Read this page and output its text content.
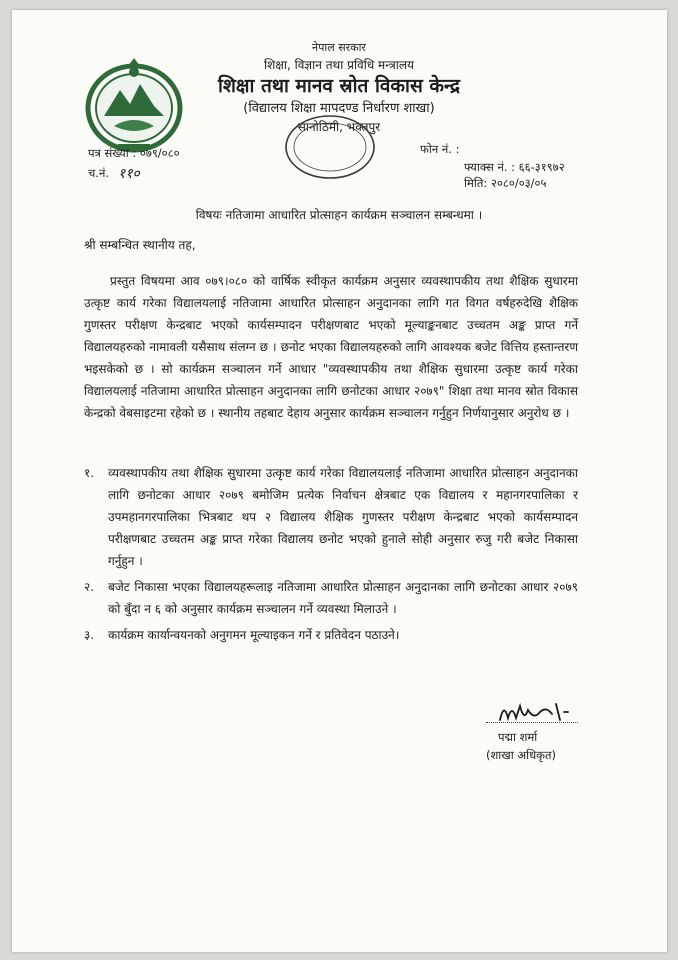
नेपाल सरकार
शिक्षा, विज्ञान तथा प्रविधि मन्त्रालय
शिक्षा तथा मानव स्रोत विकास केन्द्र
(विद्यालय शिक्षा मापदण्ड निर्धारण शाखा)
सानोठिमी, भक्तपुर
पत्र संख्या : ०७९/०८०
च.नं. ११०
फोन नं. :
फ्याक्स नं. : ६६-३१९७२
मिति: २०८०/०३/०५
विषयः नतिजामा आधारित प्रोत्साहन कार्यक्रम सञ्चालन सम्बन्धमा ।
श्री सम्बन्धित स्थानीय तह,
प्रस्तुत विषयमा आव ०७९।०८० को वार्षिक स्वीकृत कार्यक्रम अनुसार व्यवस्थापकीय तथा शैक्षिक सुधारमा उत्कृष्ट कार्य गरेका विद्यालयलाई नतिजामा आधारित प्रोत्साहन अनुदानका लागि गत विगत वर्षहरुदेखि शैक्षिक गुणस्तर परीक्षण केन्द्रबाट भएको कार्यसम्पादन परीक्षणबाट भएको मूल्याङ्कनबाट उच्चतम अङ्क प्राप्त गर्ने विद्यालयहरुको नामावली यसैसाथ संलग्न छ । छनोट भएका विद्यालयहरुको लागि आवश्यक बजेट वित्तिय हस्तान्तरण भइसकेको छ । सो कार्यक्रम सञ्चालन गर्ने आधार "व्यवस्थापकीय तथा शैक्षिक सुधारमा उत्कृष्ट कार्य गरेका विद्यालयलाई नतिजामा आधारित प्रोत्साहन अनुदानका लागि छनोटका आधार २०७९" शिक्षा तथा मानव स्रोत विकास केन्द्रको वेबसाइटमा रहेको छ । स्थानीय तहबाट देहाय अनुसार कार्यक्रम सञ्चालन गर्नुहुन निर्णयानुसार अनुरोध छ ।
१.	व्यवस्थापकीय तथा शैक्षिक सुधारमा उत्कृष्ट कार्य गरेका विद्यालयलाई नतिजामा आधारित प्रोत्साहन अनुदानका लागि छनोटका आधार २०७९ बमोजिम प्रत्येक निर्वाचन क्षेत्रबाट एक विद्यालय र महानगरपालिका र उपमहानगरपालिका भित्रबाट थप २ विद्यालय शैक्षिक गुणस्तर परीक्षण केन्द्रबाट भएको कार्यसम्पादन परीक्षणबाट उच्चतम अङ्क प्राप्त गरेका विद्यालय छनोट भएको हुनाले सोही अनुसार रुजु गरी बजेट निकासा गर्नुहुन ।
२.	बजेट निकासा भएका विद्यालयहरूलाइ नतिजामा आधारित प्रोत्साहन अनुदानका लागि छनोटका आधार २०७९ को बुँदा न ६ को अनुसार कार्यक्रम सञ्चालन गर्ने व्यवस्था मिलाउने ।
३.	कार्यक्रम कार्यान्वयनको अनुगमन मूल्याइकन गर्ने र प्रतिवेदन पठाउने।
पद्मा शर्मा
(शाखा अधिकृत)
